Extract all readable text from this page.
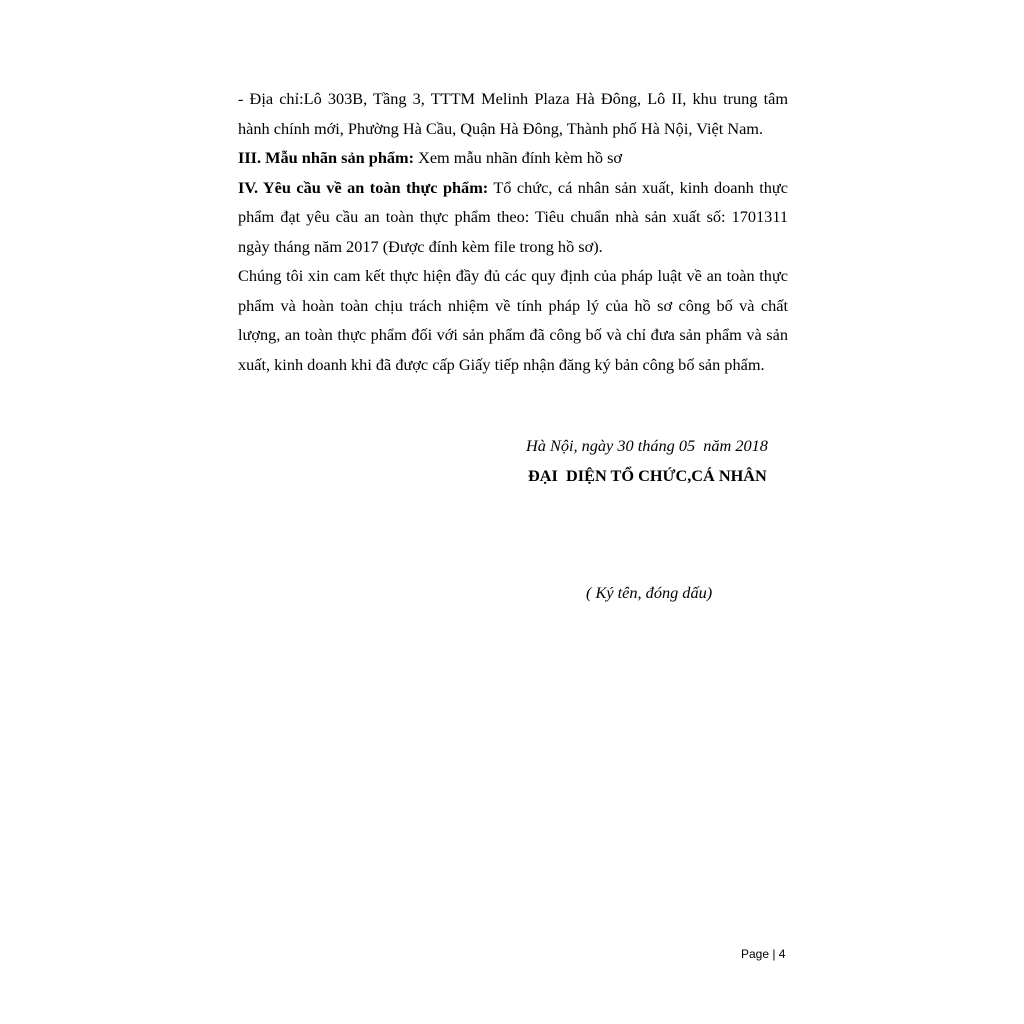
- Địa chỉ:Lô 303B, Tầng 3, TTTM Melinh Plaza Hà Đông, Lô II, khu trung tâm hành chính mới, Phường Hà Cầu, Quận Hà Đông, Thành phố Hà Nội, Việt Nam.

III. Mẫu nhãn sản phẩm: Xem mẫu nhãn đính kèm hồ sơ

IV. Yêu cầu về an toàn thực phẩm: Tổ chức, cá nhân sản xuất, kinh doanh thực phẩm đạt yêu cầu an toàn thực phẩm theo: Tiêu chuẩn nhà sản xuất số: 1701311 ngày tháng năm 2017 (Được đính kèm file trong hồ sơ).

Chúng tôi xin cam kết thực hiện đầy đủ các quy định của pháp luật về an toàn thực phẩm và hoàn toàn chịu trách nhiệm về tính pháp lý của hồ sơ công bố và chất lượng, an toàn thực phẩm đối với sản phẩm đã công bố và chỉ đưa sản phẩm và sản xuất, kinh doanh khi đã được cấp Giấy tiếp nhận đăng ký bản công bố sản phẩm.

Hà Nội, ngày 30 tháng 05  năm 2018
ĐẠI  DIỆN TỔ CHỨC,CÁ NHÂN
( Ký tên, đóng dấu)
Page | 4
